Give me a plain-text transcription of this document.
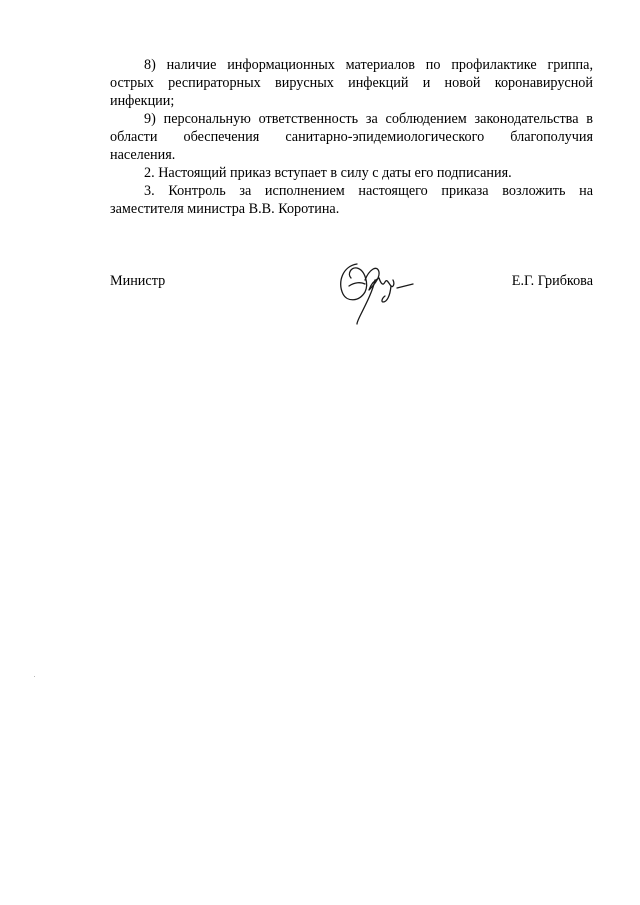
8) наличие информационных материалов по профилактике гриппа, острых респираторных вирусных инфекций и новой коронавирусной инфекции;

9) персональную ответственность за соблюдением законодательства в области обеспечения санитарно-эпидемиологического благополучия населения.

2. Настоящий приказ вступает в силу с даты его подписания.

3. Контроль за исполнением настоящего приказа возложить на заместителя министра В.В. Коротина.

Министр	Е.Г. Грибкова
